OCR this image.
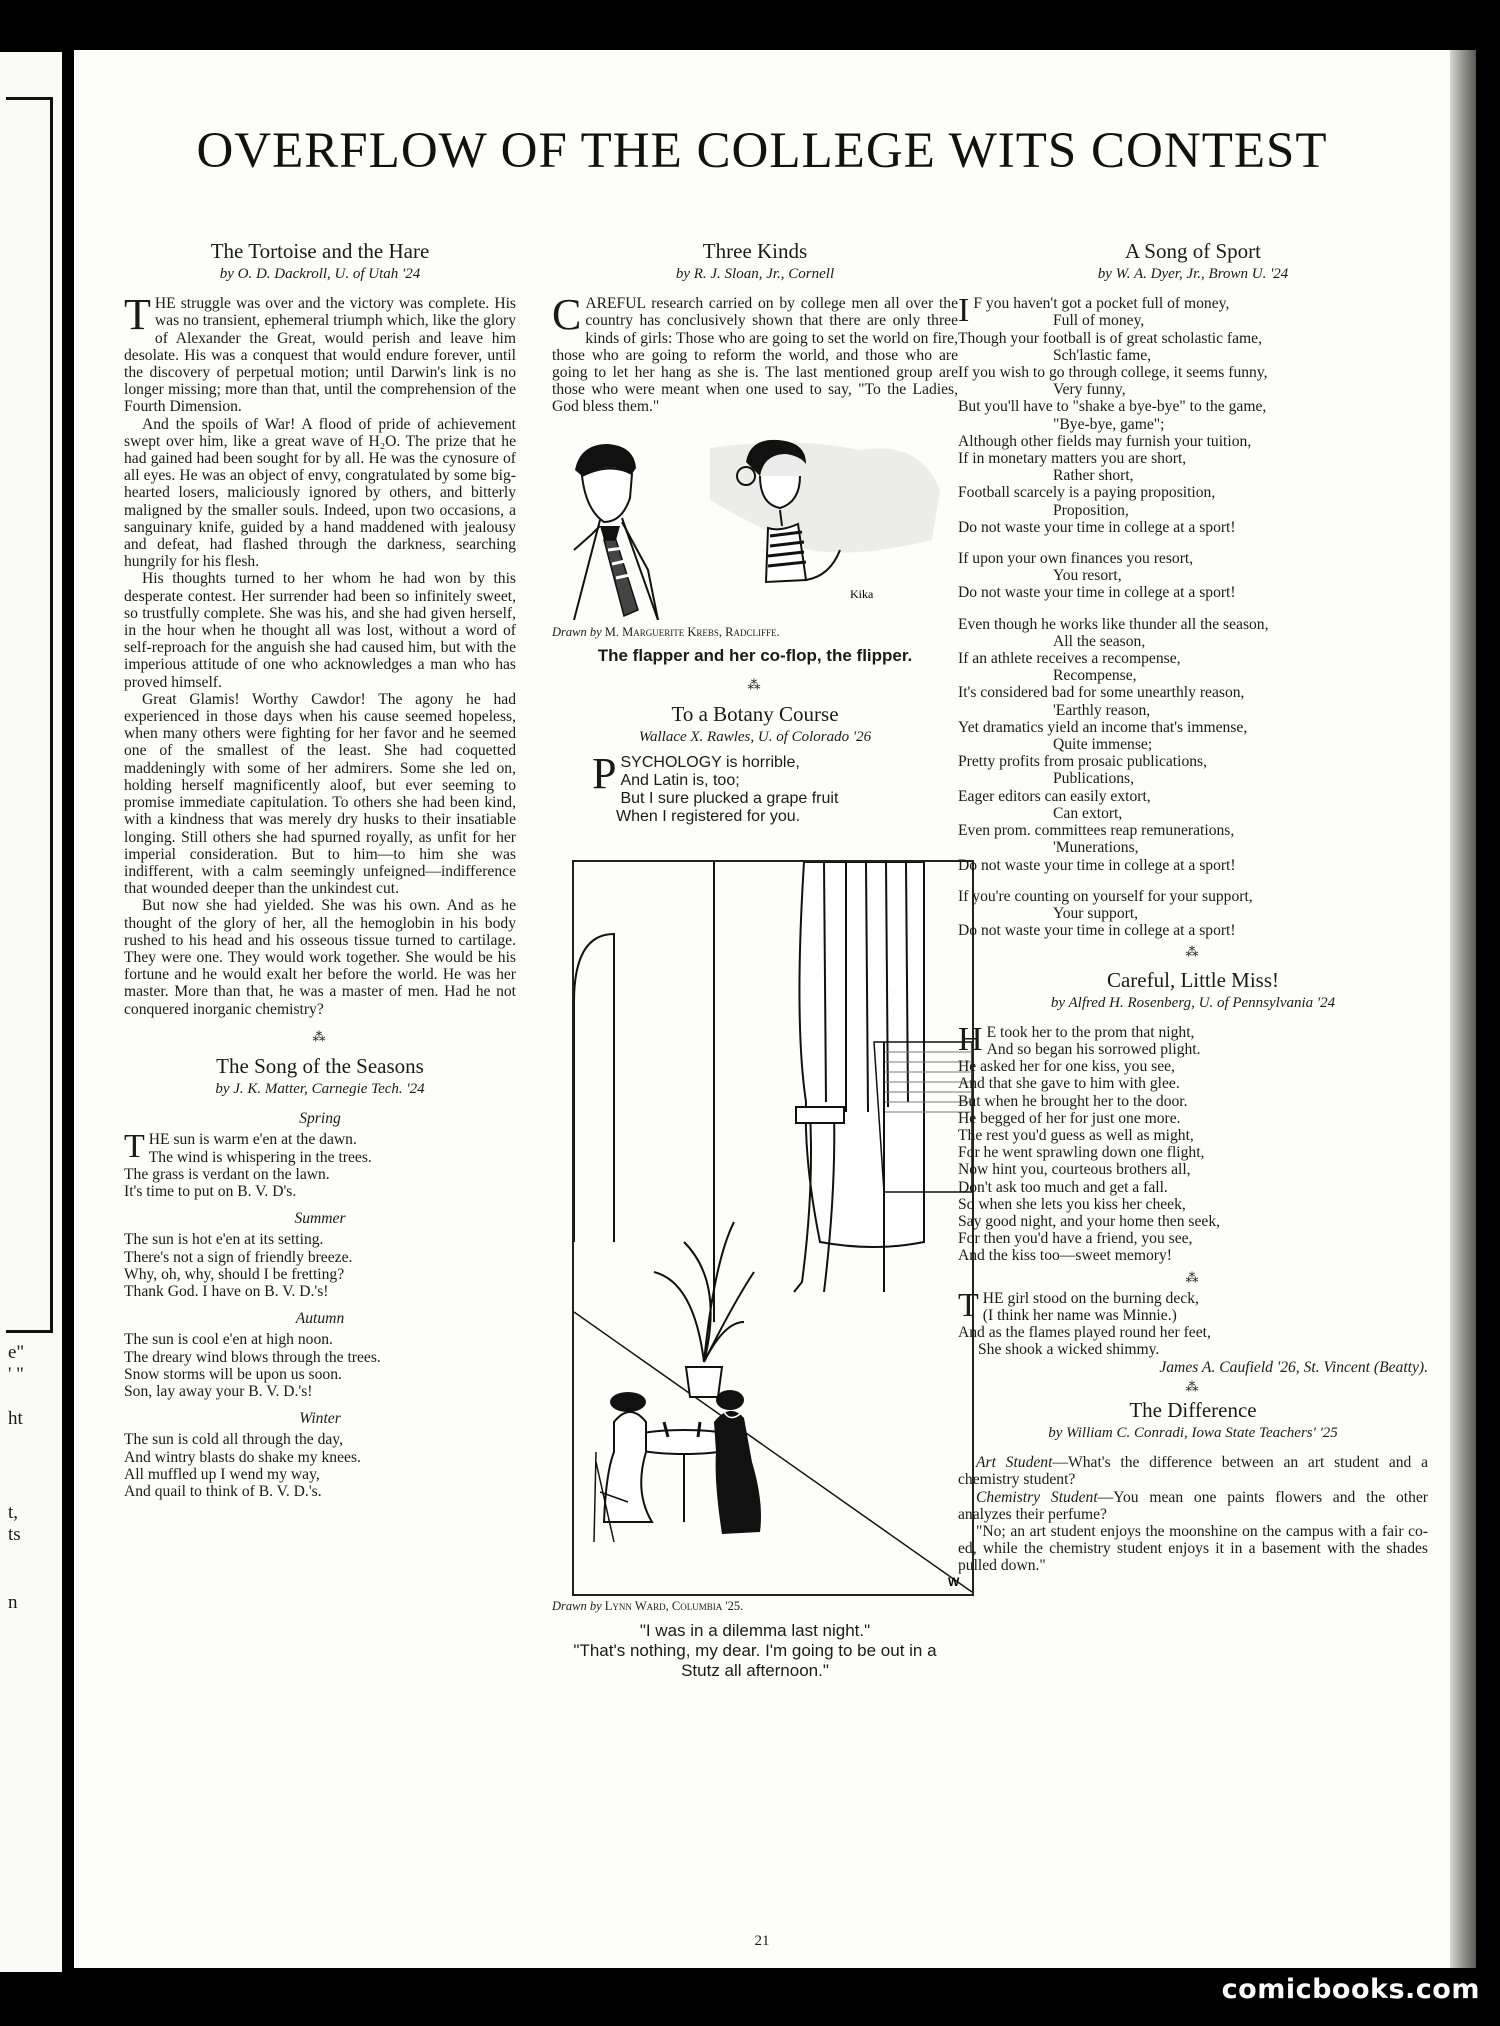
e"
' "
ht
t,
ts
n
OVERFLOW OF THE COLLEGE WITS CONTEST
The Tortoise and the Hare
by O. D. Dackroll, U. of Utah '24

THE struggle was over and the victory was complete. His was no transient, ephemeral triumph which, like the glory of Alexander the Great, would perish and leave him desolate. His was a conquest that would endure forever, until the discovery of perpetual motion; until Darwin's link is no longer missing; more than that, until the comprehension of the Fourth Dimension.

And the spoils of War! A flood of pride of achievement swept over him, like a great wave of H₂O. The prize that he had gained had been sought for by all. He was the cynosure of all eyes. He was an object of envy, congratulated by some big-hearted losers, maliciously ignored by others, and bitterly maligned by the smaller souls. Indeed, upon two occasions, a sanguinary knife, guided by a hand maddened with jealousy and defeat, had flashed through the darkness, searching hungrily for his flesh.

His thoughts turned to her whom he had won by this desperate contest. Her surrender had been so infinitely sweet, so trustfully complete. She was his, and she had given herself, in the hour when he thought all was lost, without a word of self-reproach for the anguish she had caused him, but with the imperious attitude of one who acknowledges a man who has proved himself.

Great Glamis! Worthy Cawdor! The agony he had experienced in those days when his cause seemed hopeless, when many others were fighting for her favor and he seemed one of the smallest of the least. She had coquetted maddeningly with some of her admirers. Some she led on, holding herself magnificently aloof, but ever seeming to promise immediate capitulation. To others she had been kind, with a kindness that was merely dry husks to their insatiable longing. Still others she had spurned royally, as unfit for her imperial consideration. But to him—to him she was indifferent, with a calm seemingly unfeigned—indifference that wounded deeper than the unkindest cut.

But now she had yielded. She was his own. And as he thought of the glory of her, all the hemoglobin in his body rushed to his head and his osseous tissue turned to cartilage. They were one. They would work together. She would be his fortune and he would exalt her before the world. He was her master. More than that, he was a master of men. Had he not conquered inorganic chemistry?

⁂
The Song of the Seasons
by J. K. Matter, Carnegie Tech. '24
Spring
THE sun is warm e'en at the dawn.
The wind is whispering in the trees.
The grass is verdant on the lawn.
It's time to put on B. V. D's.
Summer
The sun is hot e'en at its setting.
There's not a sign of friendly breeze.
Why, oh, why, should I be fretting?
Thank God. I have on B. V. D.'s!
Autumn
The sun is cool e'en at high noon.
The dreary wind blows through the trees.
Snow storms will be upon us soon.
Son, lay away your B. V. D.'s!
Winter
The sun is cold all through the day,
And wintry blasts do shake my knees.
All muffled up I wend my way,
And quail to think of B. V. D.'s.
Three Kinds
by R. J. Sloan, Jr., Cornell

CAREFUL research carried on by college men all over the country has conclusively shown that there are only three kinds of girls: Those who are going to set the world on fire, those who are going to reform the world, and those who are going to let her hang as she is. The last mentioned group are those who were meant when one used to say, "To the Ladies, God bless them."

Kika
Drawn by M. Marguerite Krebs, Radcliffe.
The flapper and her co-flop, the flipper.
⁂
To a Botany Course
Wallace X. Rawles, U. of Colorado '26
PSYCHOLOGY is horrible,
And Latin is, too;
But I sure plucked a grape fruit
When I registered for you.
W
Drawn by Lynn Ward, Columbia '25.
"I was in a dilemma last night."
"That's nothing, my dear. I'm going to be out in a Stutz all afternoon."
A Song of Sport
by W. A. Dyer, Jr., Brown U. '24
I F you haven't got a pocket full of money,
Full of money,
Though your football is of great scholastic fame,
Sch'lastic fame,
If you wish to go through college, it seems funny,
Very funny,
But you'll have to "shake a bye-bye" to the game,
"Bye-bye, game";
Although other fields may furnish your tuition,
If in monetary matters you are short,
Rather short,
Football scarcely is a paying proposition,
Proposition,
Do not waste your time in college at a sport!
If upon your own finances you resort,
You resort,
Do not waste your time in college at a sport!
Even though he works like thunder all the season,
All the season,
If an athlete receives a recompense,
Recompense,
It's considered bad for some unearthly reason,
'Earthly reason,
Yet dramatics yield an income that's immense,
Quite immense;
Pretty profits from prosaic publications,
Publications,
Eager editors can easily extort,
Can extort,
Even prom. committees reap remunerations,
'Munerations,
Do not waste your time in college at a sport!
If you're counting on yourself for your support,
Your support,
Do not waste your time in college at a sport!
⁂
Careful, Little Miss!
by Alfred H. Rosenberg, U. of Pennsylvania '24
H E took her to the prom that night,
And so began his sorrowed plight.
He asked her for one kiss, you see,
And that she gave to him with glee.
But when he brought her to the door.
He begged of her for just one more.
The rest you'd guess as well as might,
For he went sprawling down one flight,
Now hint you, courteous brothers all,
Don't ask too much and get a fall.
So when she lets you kiss her cheek,
Say good night, and your home then seek,
For then you'd have a friend, you see,
And the kiss too—sweet memory!
⁂
THE girl stood on the burning deck,
(I think her name was Minnie.)
And as the flames played round her feet,
She shook a wicked shimmy.
James A. Caufield '26, St. Vincent (Beatty).
⁂
The Difference
by William C. Conradi, Iowa State Teachers' '25

Art Student—What's the difference between an art student and a chemistry student?

Chemistry Student—You mean one paints flowers and the other analyzes their perfume?

"No; an art student enjoys the moonshine on the campus with a fair co-ed, while the chemistry student enjoys it in a basement with the shades pulled down."

21
comicbooks.com
